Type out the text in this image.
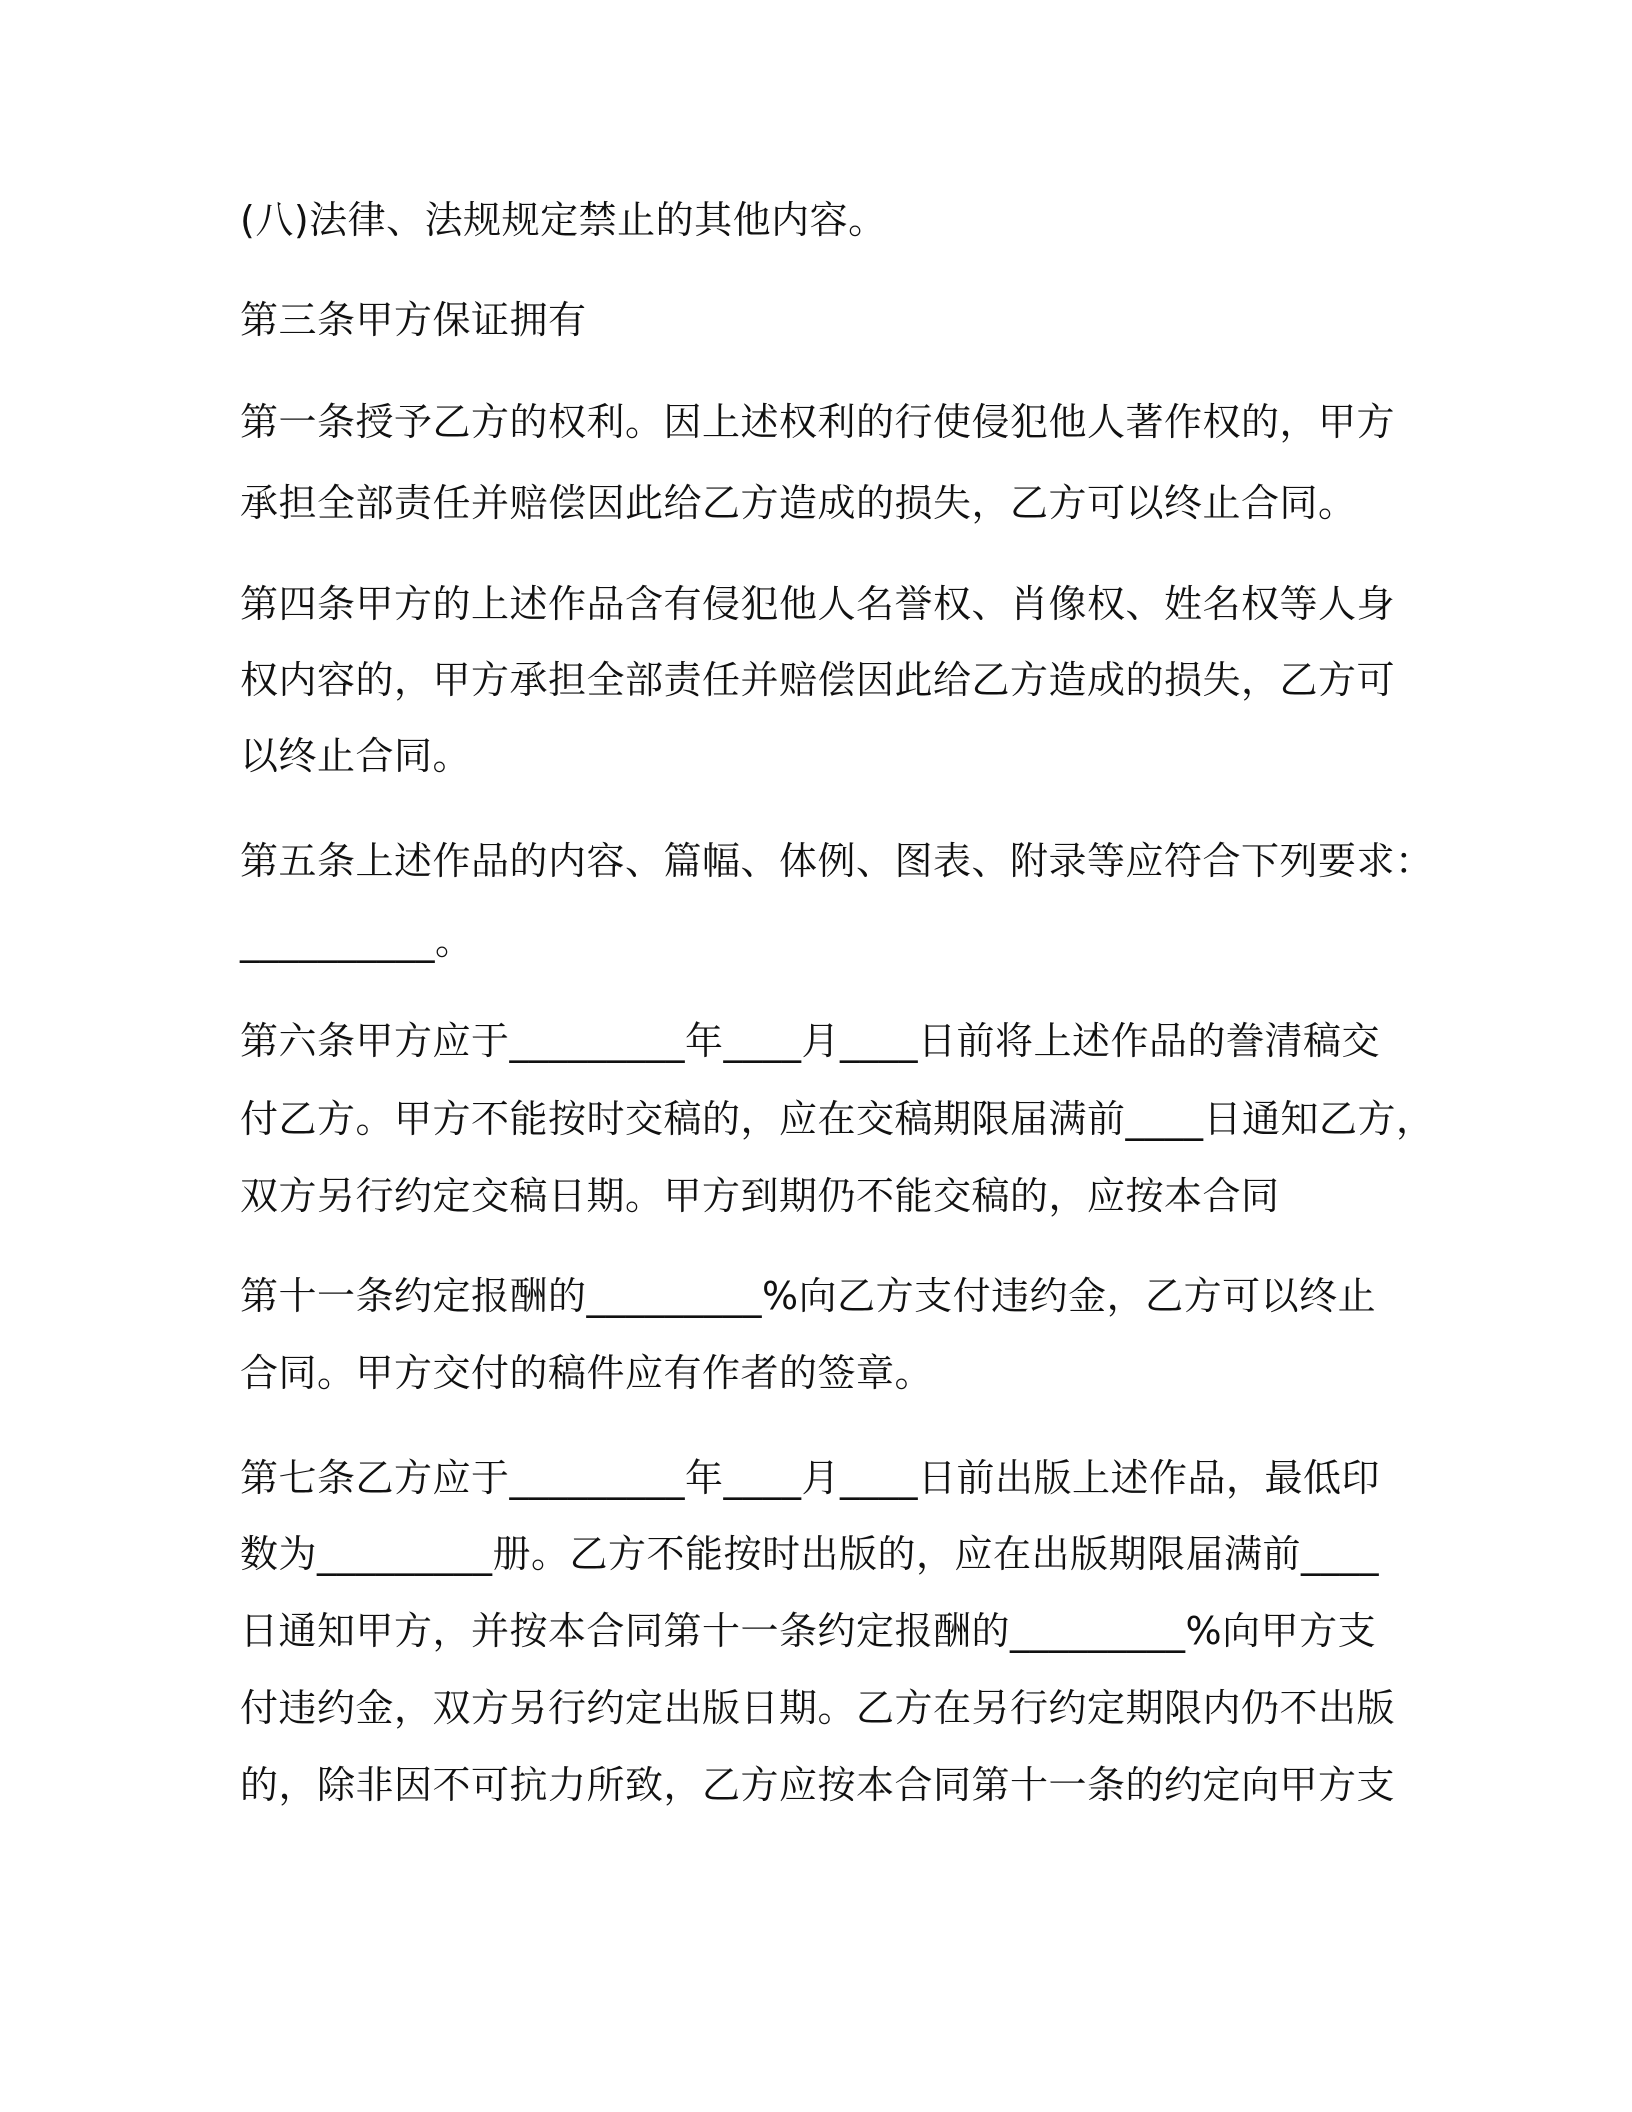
(八)法律、法规规定禁止的其他内容。
第三条甲方保证拥有
第一条授予乙方的权利。因上述权利的行使侵犯他人著作权的，甲方
承担全部责任并赔偿因此给乙方造成的损失，乙方可以终止合同。
第四条甲方的上述作品含有侵犯他人名誉权、肖像权、姓名权等人身
权内容的，甲方承担全部责任并赔偿因此给乙方造成的损失，乙方可
以终止合同。
第五条上述作品的内容、篇幅、体例、图表、附录等应符合下列要求：
__________。
第六条甲方应于_________年____月____日前将上述作品的誊清稿交
付乙方。甲方不能按时交稿的，应在交稿期限届满前____日通知乙方，
双方另行约定交稿日期。甲方到期仍不能交稿的，应按本合同
第十一条约定报酬的_________%向乙方支付违约金，乙方可以终止
合同。甲方交付的稿件应有作者的签章。
第七条乙方应于_________年____月____日前出版上述作品，最低印
数为_________册。乙方不能按时出版的，应在出版期限届满前____
日通知甲方，并按本合同第十一条约定报酬的_________%向甲方支
付违约金，双方另行约定出版日期。乙方在另行约定期限内仍不出版
的，除非因不可抗力所致，乙方应按本合同第十一条的约定向甲方支
